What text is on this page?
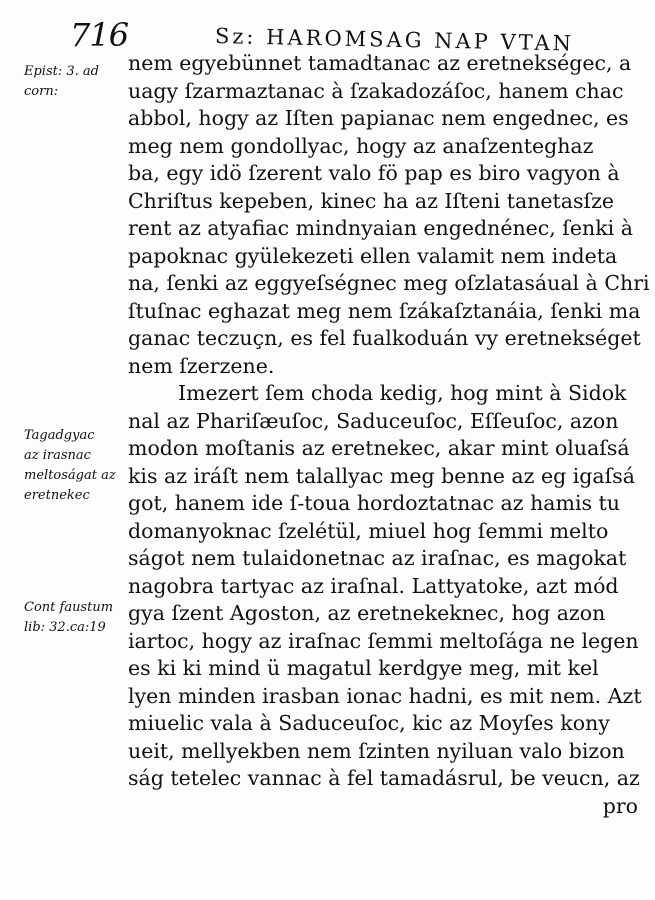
716	Sz: HAROMSAG NAP VTAN
Epist: 3. ad
corn:
Tagadgyac
az irasnac
meltoságat az
eretnekec
Cont faustum
lib: 32.ca:19
nem egyebünnet tamadtanac az eretnekségec, a
uagy ſzarmaztanac à ſzakadozáſoc, hanem chac
abbol, hogy az Iſten papianac nem engednec, es
meg nem gondollyac, hogy az anaſzenteghaz
ba, egy idö ſzerent valo fö pap es biro vagyon à
Chriſtus kepeben, kinec ha az Iſteni tanetasſze
rent az atyafiac mindnyaian engednénec, ſenki à
papoknac gyülekezeti ellen valamit nem indeta
na, ſenki az eggyeſségnec meg oſzlatasáual à Chri
ſtuſnac eghazat meg nem ſzákaſztanáia, ſenki ma
ganac teczuçn, es fel fualkoduán vy eretnekséget
nem ſzerzene.
Imezert ſem choda kedig, hog mint à Sidok
nal az Phariſæuſoc, Saduceuſoc, Eſſeuſoc, azon
modon moſtanis az eretnekec, akar mint oluaſsá
kis az iráſt nem talallyac meg benne az eg igaſsá
got, hanem ide ſ-toua hordoztatnac az hamis tu
domanyoknac ſzelétül, miuel hog ſemmi melto
ságot nem tulaidonetnac az iraſnac, es magokat
nagobra tartyac az iraſnal. Lattyatoke, azt mód
gya ſzent Agoston, az eretnekeknec, hog azon
iartoc, hogy az iraſnac ſemmi meltoſága ne legen
es ki ki mind ü magatul kerdgye meg, mit kel
lyen minden irasban ionac hadni, es mit nem. Azt
miuelic vala à Saduceuſoc, kic az Moyſes kony
ueit, mellyekben nem ſzinten nyiluan valo bizon
ság tetelec vannac à fel tamadásrul, be veucn, az
pro
